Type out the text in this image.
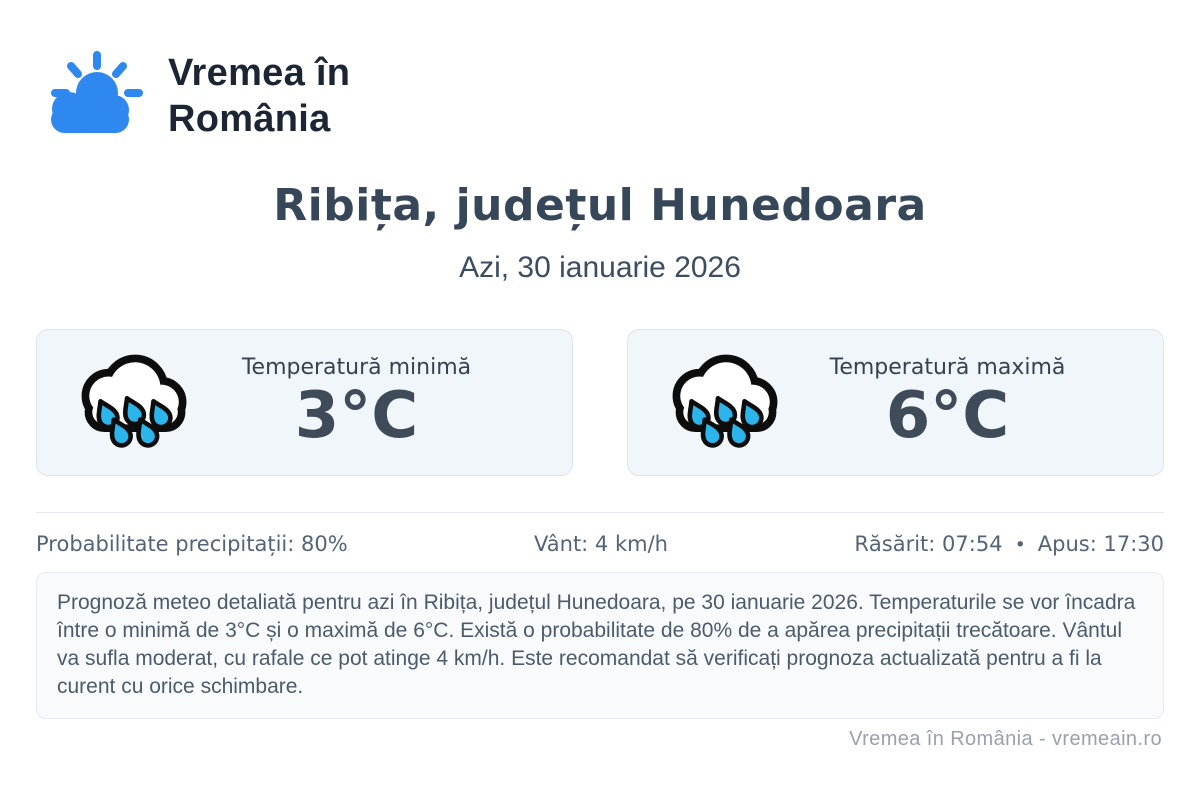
Vremea în
România
Ribița, județul Hunedoara
Azi, 30 ianuarie 2026
Temperatură minimă
3°C
Temperatură maximă
6°C
Probabilitate precipitații: 80%	Vânt: 4 km/h	Răsărit: 07:54 • Apus: 17:30
Prognoză meteo detaliată pentru azi în Ribița, județul Hunedoara, pe 30 ianuarie 2026. Temperaturile se vor încadra între o minimă de 3°C și o maximă de 6°C. Există o probabilitate de 80% de a apărea precipitații trecătoare. Vântul va sufla moderat, cu rafale ce pot atinge 4 km/h. Este recomandat să verificați prognoza actualizată pentru a fi la curent cu orice schimbare.
Vremea în România - vremeain.ro
